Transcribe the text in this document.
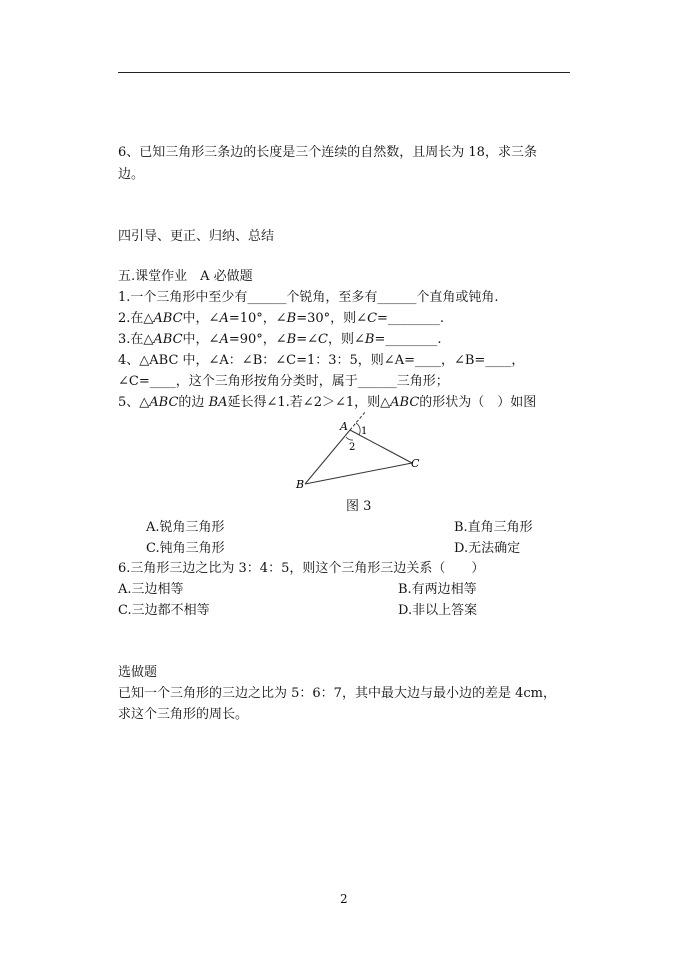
6、已知三角形三条边的长度是三个连续的自然数，且周长为 18，求三条
边。
四引导、更正、归纳、总结
五.课堂作业　A 必做题
1.一个三角形中至少有______个锐角，至多有______个直角或钝角.
2.在△ABC中，∠A=10°，∠B=30°，则∠C=________.
3.在△ABC中，∠A=90°，∠B=∠C，则∠B=________.
4、△ABC 中，∠A：∠B：∠C=1：3：5，则∠A=____，∠B=____，
∠C=____，这个三角形按角分类时，属于______三角形；
5、△ABC的边 BA延长得∠1.若∠2＞∠1，则△ABC的形状为（　）如图
A
B
C
1
2
图 3
A.锐角三角形	B.直角三角形
C.钝角三角形	D.无法确定
6.三角形三边之比为 3：4：5，则这个三角形三边关系（　　）
A.三边相等	B.有两边相等
C.三边都不相等	D.非以上答案
选做题
已知一个三角形的三边之比为 5：6：7，其中最大边与最小边的差是 4cm，
求这个三角形的周长。
2
